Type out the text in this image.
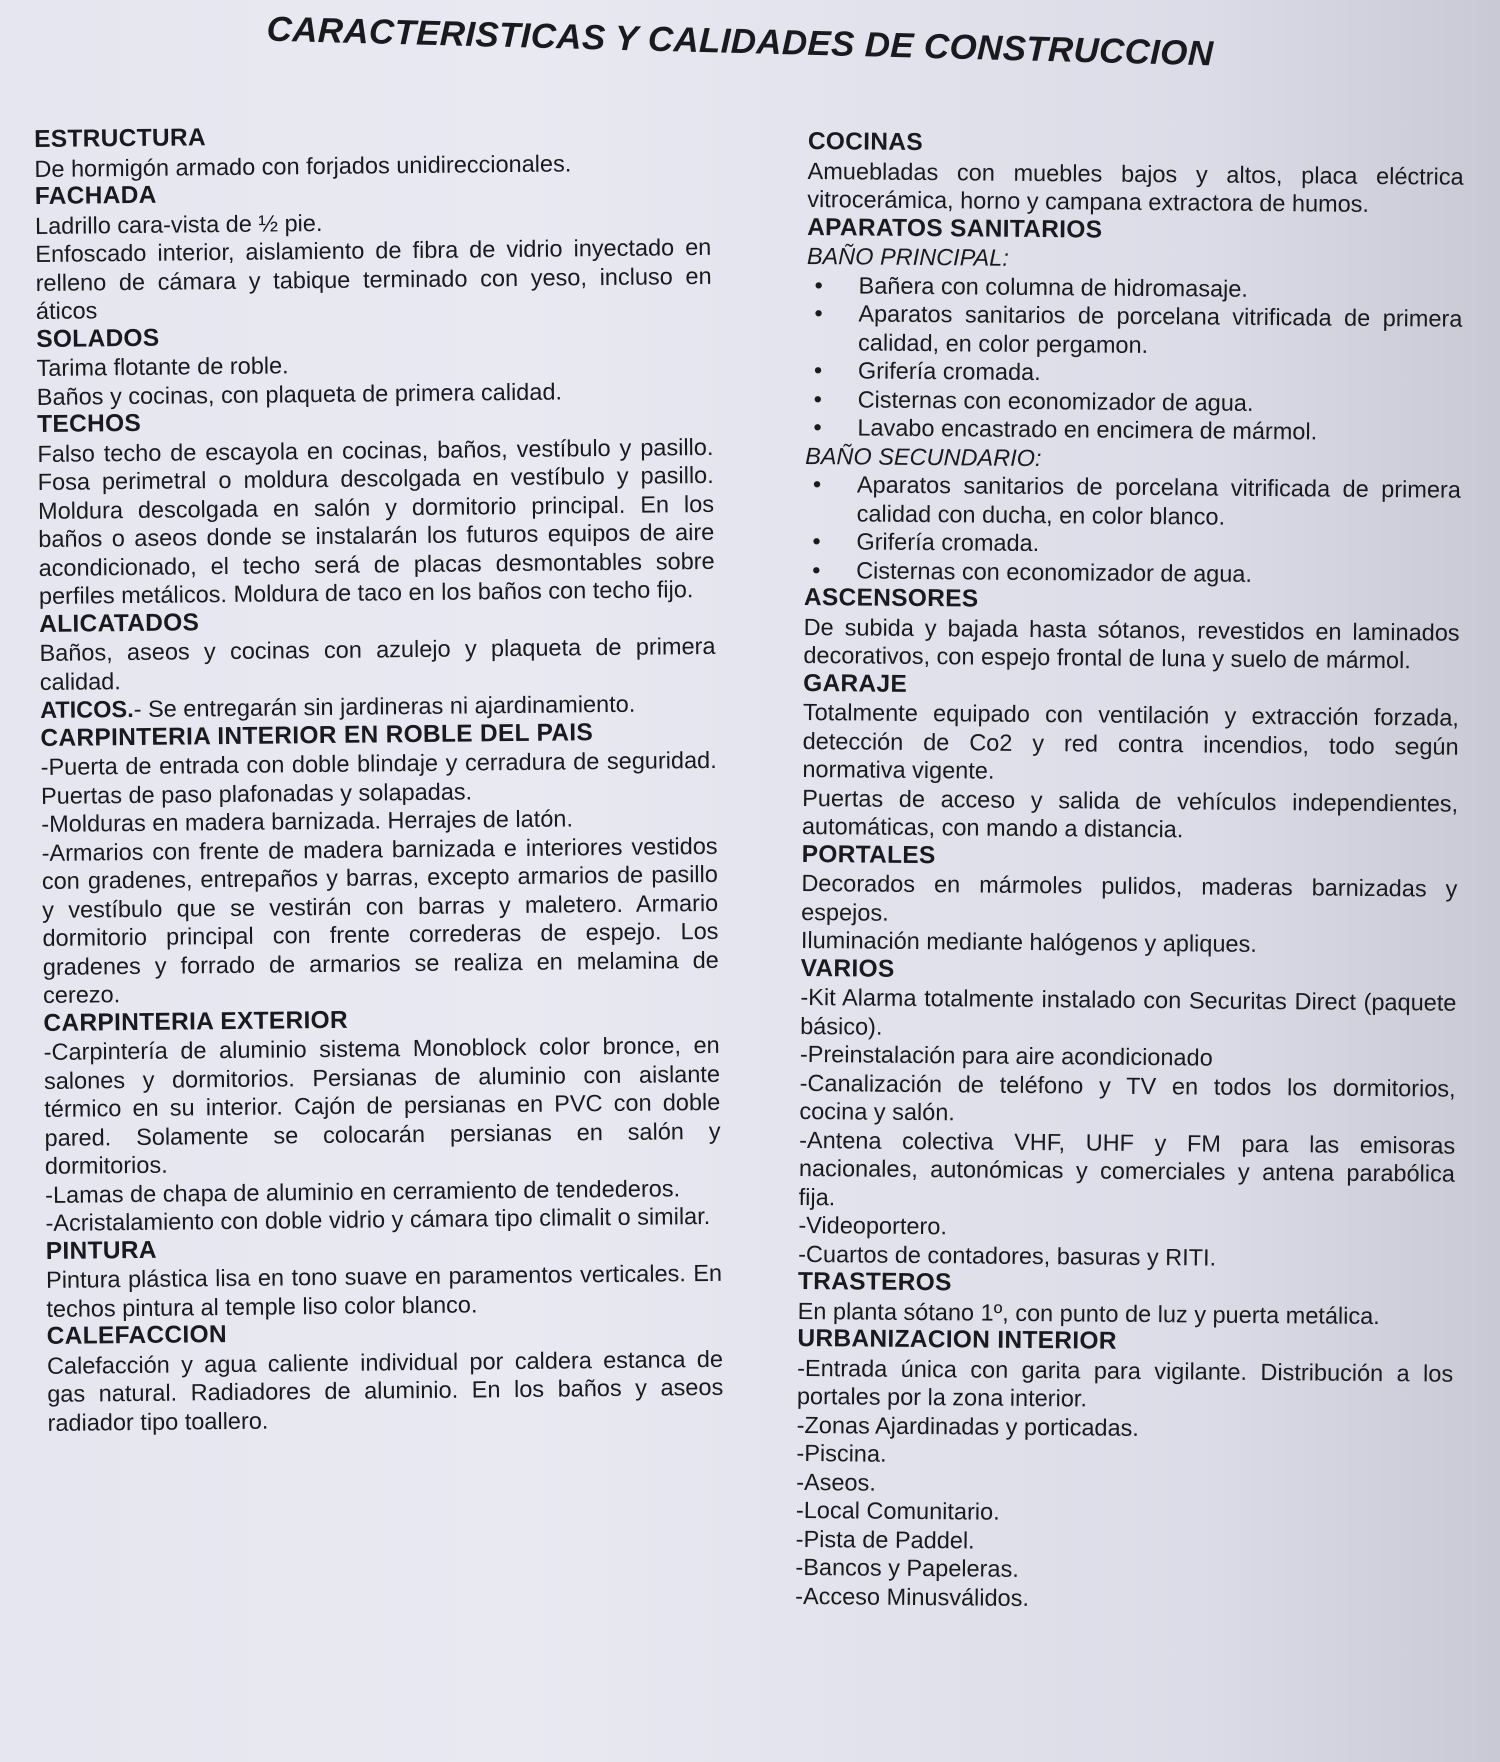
CARACTERISTICAS Y CALIDADES DE CONSTRUCCION
ESTRUCTURA

De hormigón armado con forjados unidireccionales.

FACHADA

Ladrillo cara-vista de ½ pie.

Enfoscado interior, aislamiento de fibra de vidrio inyectado en relleno de cámara y tabique terminado con yeso, incluso en áticos

SOLADOS

Tarima flotante de roble.

Baños y cocinas, con plaqueta de primera calidad.

TECHOS

Falso techo de escayola en cocinas, baños, vestíbulo y pasillo. Fosa perimetral o moldura descolgada en vestíbulo y pasillo. Moldura descolgada en salón y dormitorio principal. En los baños o aseos donde se instalarán los futuros equipos de aire acondicionado, el techo será de placas desmontables sobre perfiles metálicos. Moldura de taco en los baños con techo fijo.

ALICATADOS

Baños, aseos y cocinas con azulejo y plaqueta de primera calidad.

ATICOS.- Se entregarán sin jardineras ni ajardinamiento.

CARPINTERIA INTERIOR EN ROBLE DEL PAIS

-Puerta de entrada con doble blindaje y cerradura de seguridad. Puertas de paso plafonadas y solapadas.

-Molduras en madera barnizada. Herrajes de latón.

-Armarios con frente de madera barnizada e interiores vestidos con gradenes, entrepaños y barras, excepto armarios de pasillo y vestíbulo que se vestirán con barras y maletero. Armario dormitorio principal con frente correderas de espejo. Los gradenes y forrado de armarios se realiza en melamina de cerezo.

CARPINTERIA EXTERIOR

-Carpintería de aluminio sistema Monoblock color bronce, en salones y dormitorios. Persianas de aluminio con aislante térmico en su interior. Cajón de persianas en PVC con doble pared. Solamente se colocarán persianas en salón y dormitorios.

-Lamas de chapa de aluminio en cerramiento de tendederos.

-Acristalamiento con doble vidrio y cámara tipo climalit o similar.

PINTURA

Pintura plástica lisa en tono suave en paramentos verticales. En techos pintura al temple liso color blanco.

CALEFACCION

Calefacción y agua caliente individual por caldera estanca de gas natural. Radiadores de aluminio. En los baños y aseos radiador tipo toallero.

COCINAS

Amuebladas con muebles bajos y altos, placa eléctrica vitrocerámica, horno y campana extractora de humos.

APARATOS SANITARIOS
BAÑO PRINCIPAL:
• Bañera con columna de hidromasaje.
• Aparatos sanitarios de porcelana vitrificada de primera calidad, en color pergamon.
• Grifería cromada.
• Cisternas con economizador de agua.
• Lavabo encastrado en encimera de mármol.
BAÑO SECUNDARIO:
• Aparatos sanitarios de porcelana vitrificada de primera calidad con ducha, en color blanco.
• Grifería cromada.
• Cisternas con economizador de agua.
ASCENSORES

De subida y bajada hasta sótanos, revestidos en laminados decorativos, con espejo frontal de luna y suelo de mármol.

GARAJE

Totalmente equipado con ventilación y extracción forzada, detección de Co2 y red contra incendios, todo según normativa vigente.

Puertas de acceso y salida de vehículos independientes, automáticas, con mando a distancia.

PORTALES

Decorados en mármoles pulidos, maderas barnizadas y espejos.

Iluminación mediante halógenos y apliques.

VARIOS

-Kit Alarma totalmente instalado con Securitas Direct (paquete básico).

-Preinstalación para aire acondicionado

-Canalización de teléfono y TV en todos los dormitorios, cocina y salón.

-Antena colectiva VHF, UHF y FM para las emisoras nacionales, autonómicas y comerciales y antena parabólica fija.

-Videoportero.

-Cuartos de contadores, basuras y RITI.

TRASTEROS

En planta sótano 1º, con punto de luz y puerta metálica.

URBANIZACION INTERIOR

-Entrada única con garita para vigilante. Distribución a los portales por la zona interior.

-Zonas Ajardinadas y porticadas.

-Piscina.

-Aseos.

-Local Comunitario.

-Pista de Paddel.

-Bancos y Papeleras.

-Acceso Minusválidos.
